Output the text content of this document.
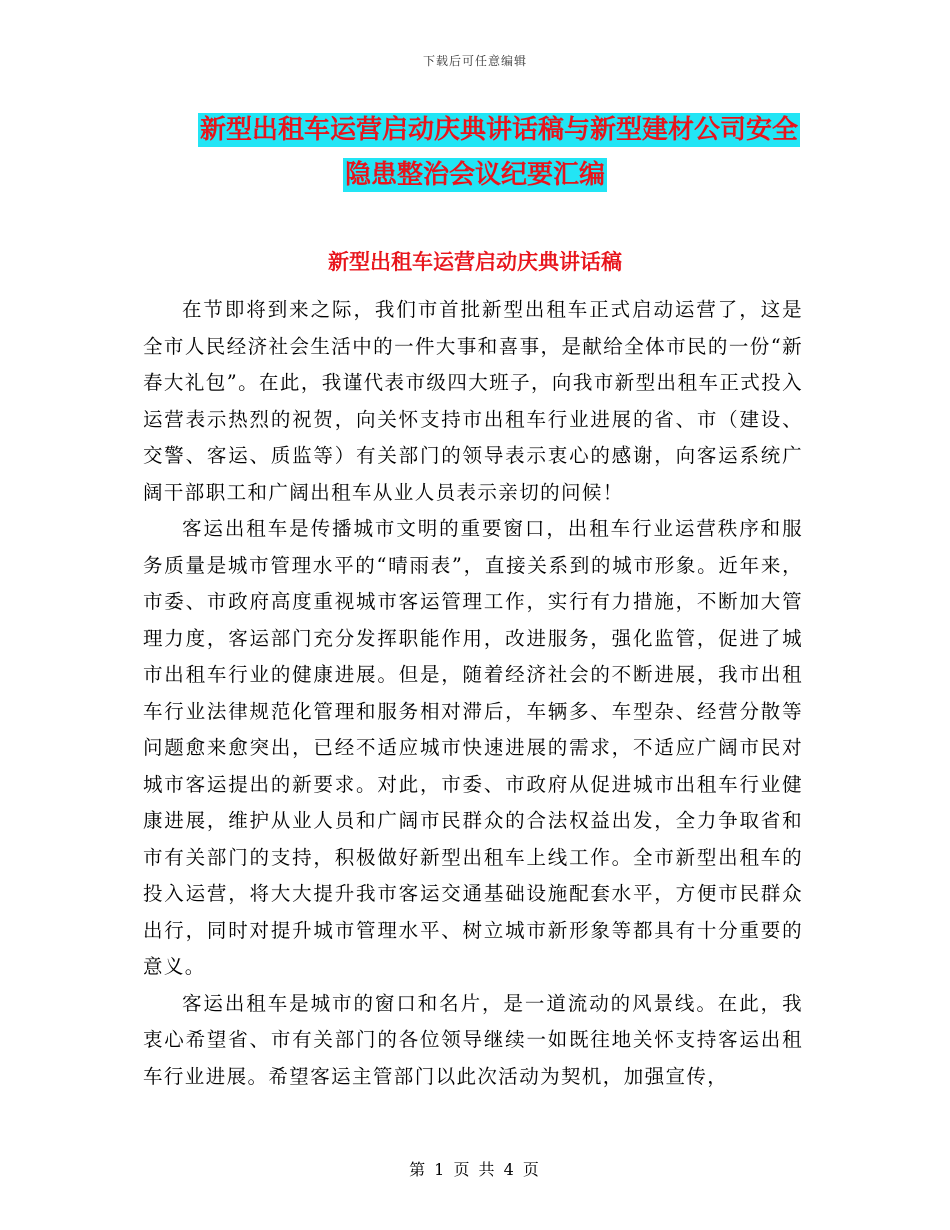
下载后可任意编辑
新型出租车运营启动庆典讲话稿与新型建材公司安全
隐患整治会议纪要汇编
新型出租车运营启动庆典讲话稿

在节即将到来之际，我们市首批新型出租车正式启动运营了，这是全市人民经济社会生活中的一件大事和喜事，是献给全体市民的一份“新春大礼包”。在此，我谨代表市级四大班子，向我市新型出租车正式投入运营表示热烈的祝贺，向关怀支持市出租车行业进展的省、市（建设、交警、客运、质监等）有关部门的领导表示衷心的感谢，向客运系统广阔干部职工和广阔出租车从业人员表示亲切的问候！

客运出租车是传播城市文明的重要窗口，出租车行业运营秩序和服务质量是城市管理水平的“晴雨表”，直接关系到的城市形象。近年来，市委、市政府高度重视城市客运管理工作，实行有力措施，不断加大管理力度，客运部门充分发挥职能作用，改进服务，强化监管，促进了城市出租车行业的健康进展。但是，随着经济社会的不断进展，我市出租车行业法律规范化管理和服务相对滞后，车辆多、车型杂、经营分散等问题愈来愈突出，已经不适应城市快速进展的需求，不适应广阔市民对城市客运提出的新要求。对此，市委、市政府从促进城市出租车行业健康进展，维护从业人员和广阔市民群众的合法权益出发，全力争取省和市有关部门的支持，积极做好新型出租车上线工作。全市新型出租车的投入运营，将大大提升我市客运交通基础设施配套水平，方便市民群众出行，同时对提升城市管理水平、树立城市新形象等都具有十分重要的意义。

客运出租车是城市的窗口和名片，是一道流动的风景线。在此，我衷心希望省、市有关部门的各位领导继续一如既往地关怀支持客运出租车行业进展。希望客运主管部门以此次活动为契机，加强宣传，

第 1 页 共 4 页
